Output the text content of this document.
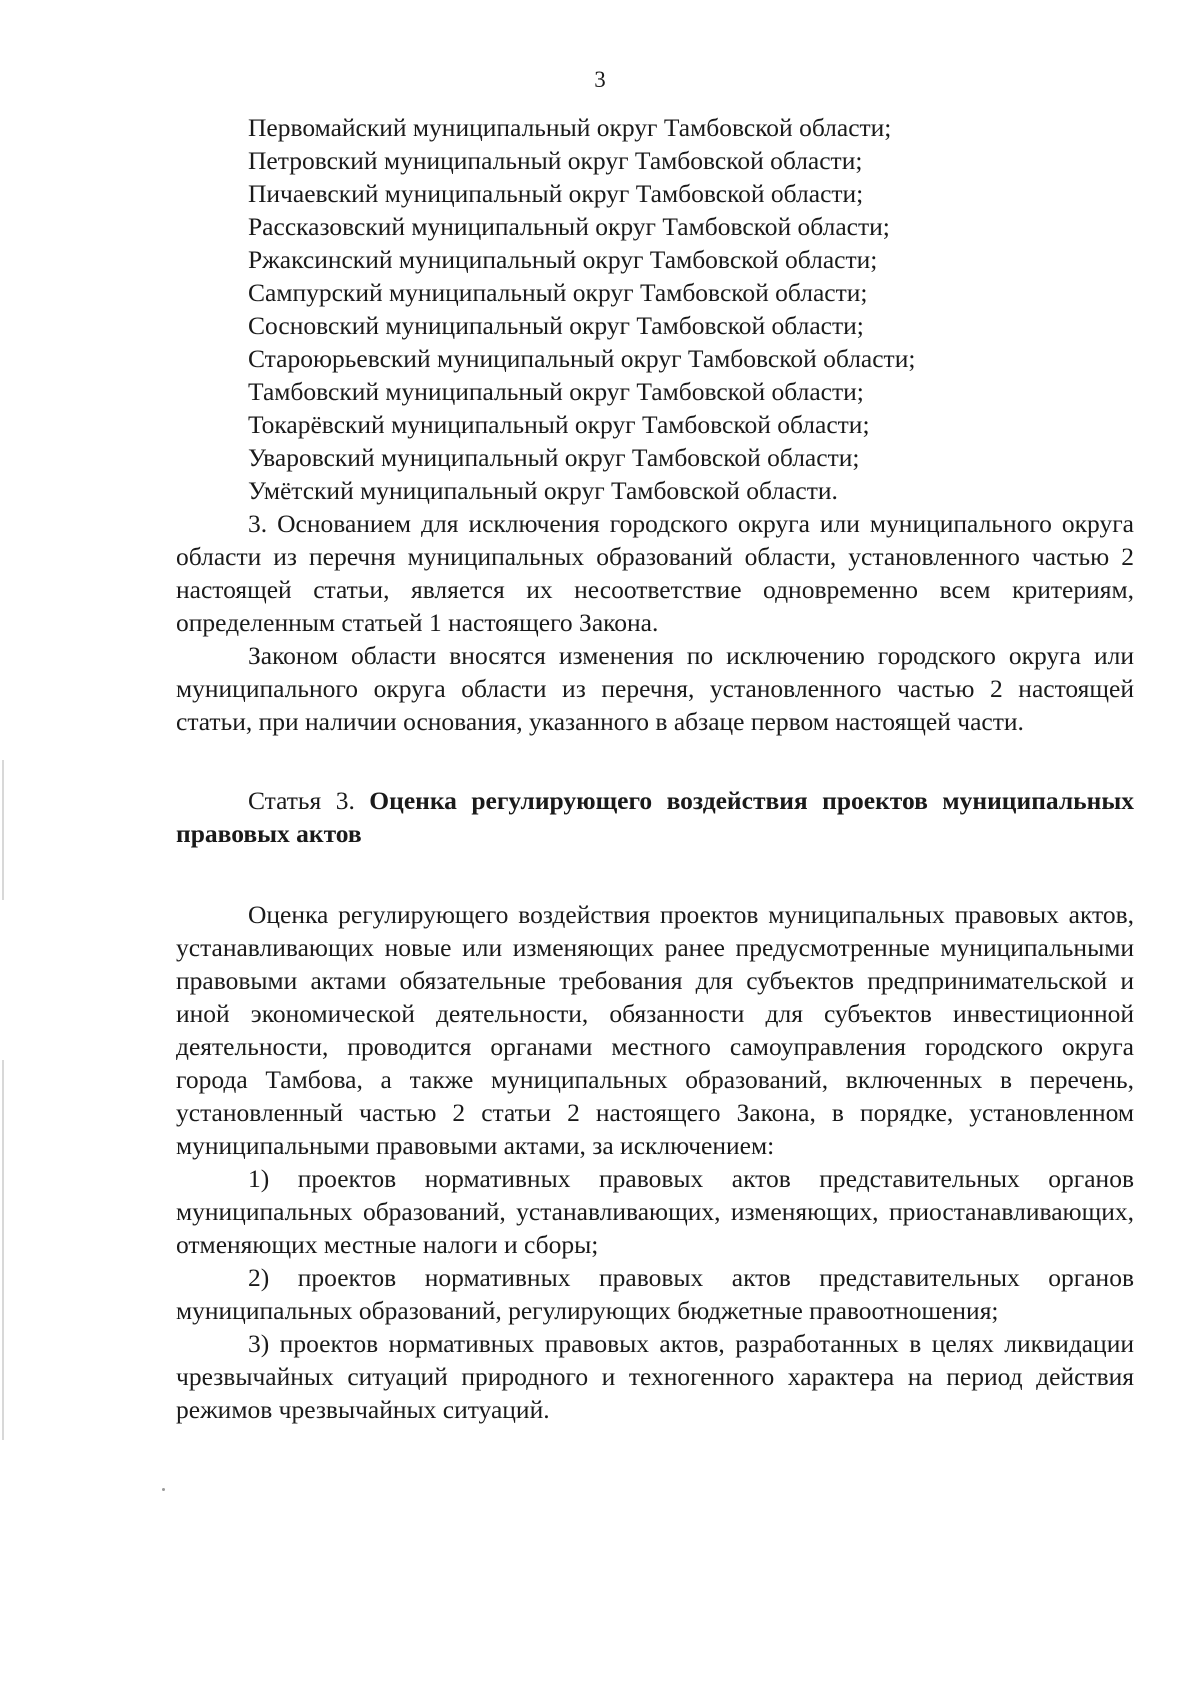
3
Первомайский муниципальный округ Тамбовской области;
Петровский муниципальный округ Тамбовской области;
Пичаевский муниципальный округ Тамбовской области;
Рассказовский муниципальный округ Тамбовской области;
Ржаксинский муниципальный округ Тамбовской области;
Сампурский муниципальный округ Тамбовской области;
Сосновский муниципальный округ Тамбовской области;
Староюрьевский муниципальный округ Тамбовской области;
Тамбовский муниципальный округ Тамбовской области;
Токарёвский муниципальный округ Тамбовской области;
Уваровский муниципальный округ Тамбовской области;
Умётский муниципальный округ Тамбовской области.

3. Основанием для исключения городского округа или муниципального округа области из перечня муниципальных образований области, установленного частью 2 настоящей статьи, является их несоответствие одновременно всем критериям, определенным статьей 1 настоящего Закона.

Законом области вносятся изменения по исключению городского округа или муниципального округа области из перечня, установленного частью 2 настоящей статьи, при наличии основания, указанного в абзаце первом настоящей части.

Статья 3. Оценка регулирующего воздействия проектов муниципальных правовых актов

Оценка регулирующего воздействия проектов муниципальных правовых актов, устанавливающих новые или изменяющих ранее предусмотренные муниципальными правовыми актами обязательные требования для субъектов предпринимательской и иной экономической деятельности, обязанности для субъектов инвестиционной деятельности, проводится органами местного самоуправления городского округа города Тамбова, а также муниципальных образований, включенных в перечень, установленный частью 2 статьи 2 настоящего Закона, в порядке, установленном муниципальными правовыми актами, за исключением:

1) проектов нормативных правовых актов представительных органов муниципальных образований, устанавливающих, изменяющих, приостанавливающих, отменяющих местные налоги и сборы;

2) проектов нормативных правовых актов представительных органов муниципальных образований, регулирующих бюджетные правоотношения;

3) проектов нормативных правовых актов, разработанных в целях ликвидации чрезвычайных ситуаций природного и техногенного характера на период действия режимов чрезвычайных ситуаций.
